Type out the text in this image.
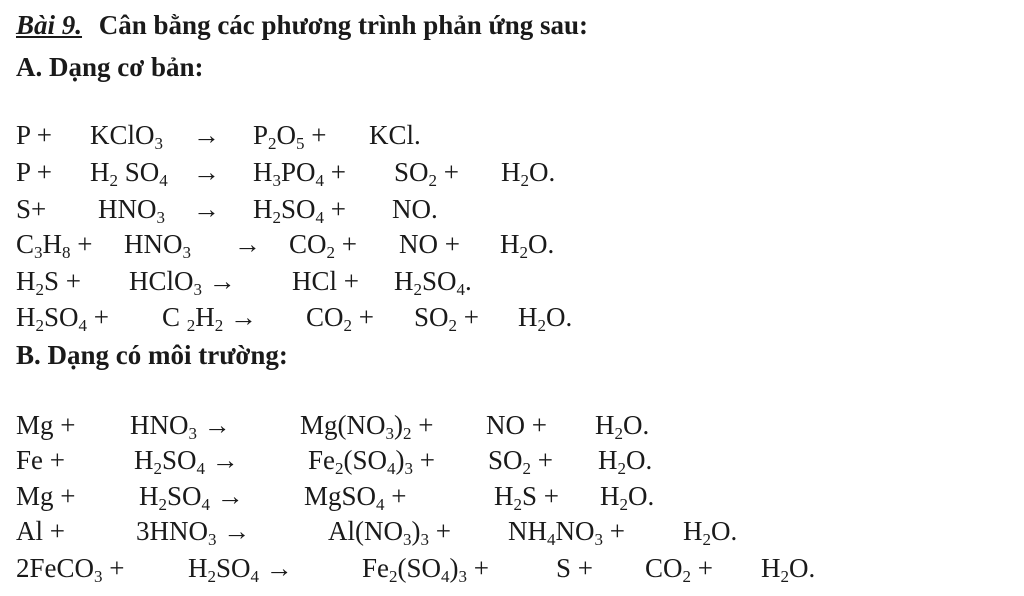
Bài 9. Cân bằng các phương trình phản ứng sau:
A. Dạng cơ bản:
P + KClO$_3$ → $P_2O_5$ + KCl.
$P + H_2$ $SO_4 \to H_3PO_4 + SO_2 + H_2O$.
$S+ HNO_3 \to H_2SO_4$ + NO.
$C_3H_8 + HNO_3 \to CO_2$ + NO + $H_2O$.
$H_2S$ + HClO$_3$ → HCl + $H_2SO_4$.
$H_2SO_4 + C$ $_2H_2 \to CO_2 + SO_2 + H_2O$.
B. Dạng có môi trường:
$Mg + HNO_3$ →	$Mg(NO_3)_2$ + NO + $H_2O$.
Fe +	$H_2SO_4$ →	$Fe_2(SO_4)_3 + SO_2 + H_2O$.
$Mg + H_2SO_4$ → MgSO$_4$ +	$H_2S + H_2O$.
Al +	$3HNO_3$ →	$Al(NO_3)_3 + NH_4NO_3 + H_2O$.
2FeCO$_3$ + $H_2SO_4$ →	$Fe_2(SO_4)_3 + S + CO_2 + H_2O$.
